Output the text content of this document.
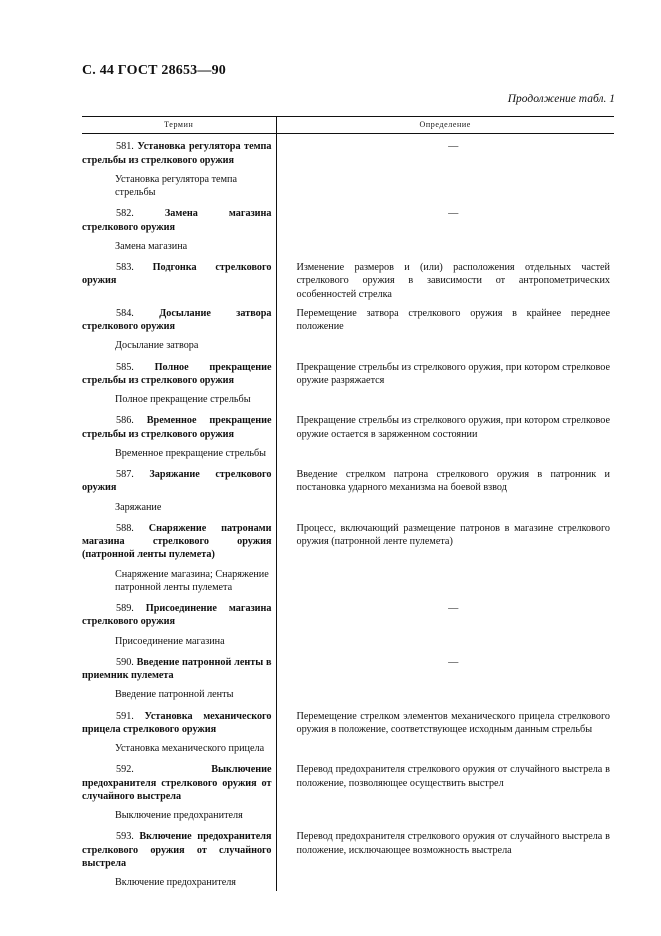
С. 44 ГОСТ 28653—90
Продолжение табл. 1
Термин	Определение

581. Установка регулятора темпа стрельбы из стрелкового оружия	—

Установка регулятора темпа стрельбы	

582. Замена магазина стрелкового оружия	—

Замена магазина	

583. Подгонка стрелкового оружия	Изменение размеров и (или) расположения отдельных частей стрелкового оружия в зависимости от антропометрических особенностей стрелка

584. Досылание затвора стрелкового оружия	Перемещение затвора стрелкового оружия в крайнее переднее положение

Досылание затвора	

585. Полное прекращение стрельбы из стрелкового оружия	Прекращение стрельбы из стрелкового оружия, при котором стрелковое оружие разряжается

Полное прекращение стрельбы	

586. Временное прекращение стрельбы из стрелкового оружия	Прекращение стрельбы из стрелкового оружия, при котором стрелковое оружие остается в заряженном состоянии

Временное прекращение стрельбы	

587. Заряжание стрелкового оружия	Введение стрелком патрона стрелкового оружия в патронник и постановка ударного механизма на боевой взвод

Заряжание	

588. Снаряжение патронами магазина стрелкового оружия (патронной ленты пулемета)	Процесс, включающий размещение патронов в магазине стрелкового оружия (патронной ленте пулемета)

Снаряжение магазина; Снаряжение патронной ленты пулемета	

589. Присоединение магазина стрелкового оружия	—

Присоединение магазина	

590. Введение патронной ленты в приемник пулемета	—

Введение патронной ленты	

591. Установка механического прицела стрелкового оружия	Перемещение стрелком элементов механического прицела стрелкового оружия в положение, соответствующее исходным данным стрельбы

Установка механического прицела	

592. Выключение предохранителя стрелкового оружия от случайного выстрела	Перевод предохранителя стрелкового оружия от случайного выстрела в положение, позволяющее осуществить выстрел

Выключение предохранителя	

593. Включение предохранителя стрелкового оружия от случайного выстрела	Перевод предохранителя стрелкового оружия от случайного выстрела в положение, исключающее возможность выстрела

Включение предохранителя	
